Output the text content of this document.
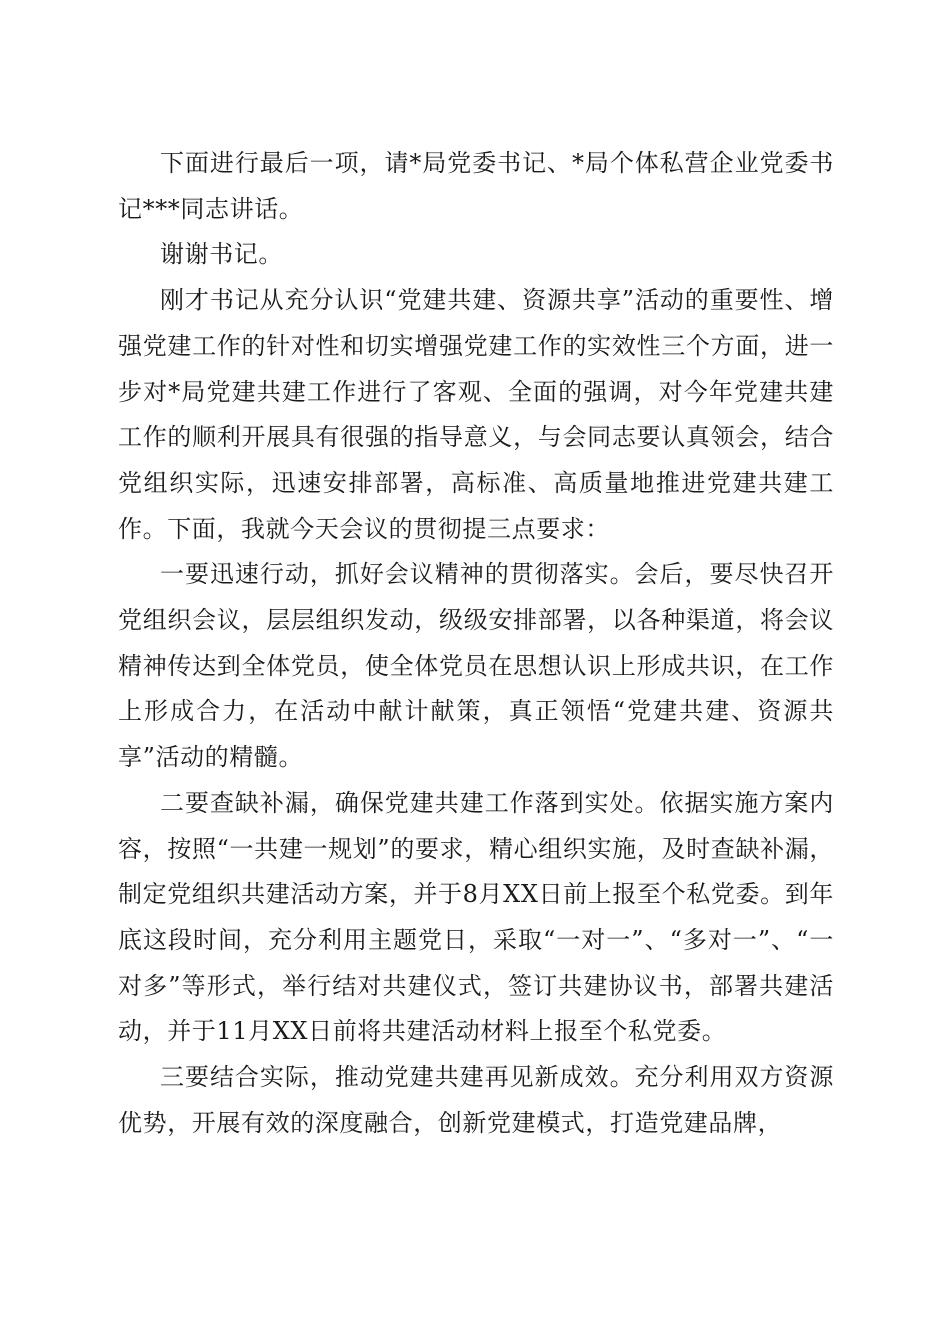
下面进行最后一项，请*局党委书记、*局个体私营企业党委书记***同志讲话。

谢谢书记。

刚才书记从充分认识“党建共建、资源共享”活动的重要性、增强党建工作的针对性和切实增强党建工作的实效性三个方面，进一步对*局党建共建工作进行了客观、全面的强调，对今年党建共建工作的顺利开展具有很强的指导意义，与会同志要认真领会，结合党组织实际，迅速安排部署，高标准、高质量地推进党建共建工作。下面，我就今天会议的贯彻提三点要求：

一要迅速行动，抓好会议精神的贯彻落实。会后，要尽快召开党组织会议，层层组织发动，级级安排部署，以各种渠道，将会议精神传达到全体党员，使全体党员在思想认识上形成共识，在工作上形成合力，在活动中献计献策，真正领悟“党建共建、资源共享”活动的精髓。

二要查缺补漏，确保党建共建工作落到实处。依据实施方案内容，按照“一共建一规划”的要求，精心组织实施，及时查缺补漏，制定党组织共建活动方案，并于8月XX日前上报至个私党委。到年底这段时间，充分利用主题党日，采取“一对一”、“多对一”、“一对多”等形式，举行结对共建仪式，签订共建协议书，部署共建活动，并于11月XX日前将共建活动材料上报至个私党委。

三要结合实际，推动党建共建再见新成效。充分利用双方资源优势，开展有效的深度融合，创新党建模式，打造党建品牌，
